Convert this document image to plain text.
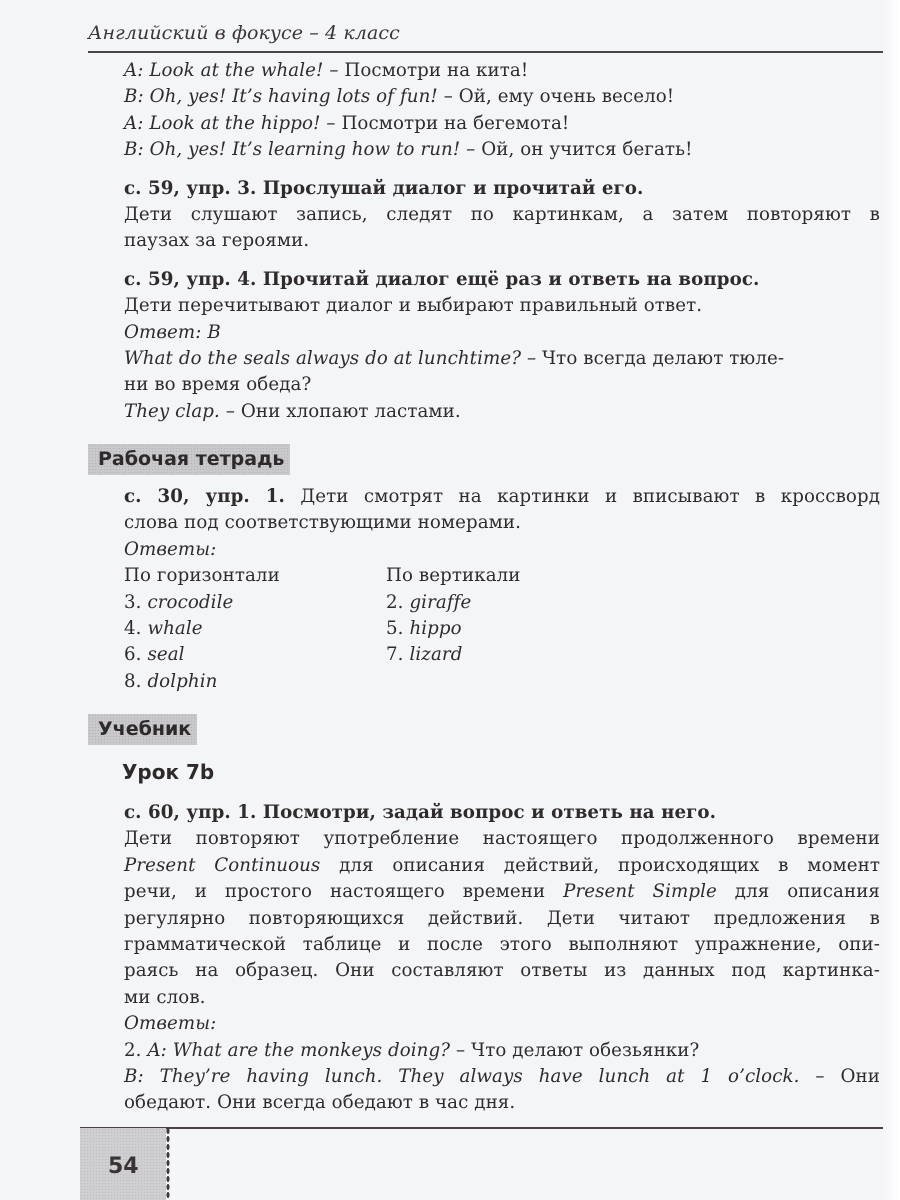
Английский в фокусе – 4 класс
A: Look at the whale! – Посмотри на кита!
B: Oh, yes! It’s having lots of fun! – Ой, ему очень весело!
A: Look at the hippo! – Посмотри на бегемота!
B: Oh, yes! It’s learning how to run! – Ой, он учится бегать!
с. 59, упр. 3. Прослушай диалог и прочитай его.
Дети слушают запись, следят по картинкам, а затем повторяют в
паузах за героями.
с. 59, упр. 4. Прочитай диалог ещё раз и ответь на вопрос.
Дети перечитывают диалог и выбирают правильный ответ.
Ответ: B
What do the seals always do at lunchtime? – Что всегда делают тюле-
ни во время обеда?
They clap. – Они хлопают ластами.
Рабочая тетрадь
с. 30, упр. 1. Дети смотрят на картинки и вписывают в кроссворд
слова под соответствующими номерами.
Ответы:
По горизонтали
3. crocodile
4. whale
6. seal
8. dolphin
По вертикали
2. giraffe
5. hippo
7. lizard
Учебник
Урок 7b
с. 60, упр. 1. Посмотри, задай вопрос и ответь на него.
Дети повторяют употребление настоящего продолженного времени
Present Continuous для описания действий, происходящих в момент
речи, и простого настоящего времени Present Simple для описания
регулярно повторяющихся действий. Дети читают предложения в
грамматической таблице и после этого выполняют упражнение, опи-
раясь на образец. Они составляют ответы из данных под картинка-
ми слов.
Ответы:
2. A: What are the monkeys doing? – Что делают обезьянки?
B: They’re having lunch. They always have lunch at 1 o’clock. – Они
обедают. Они всегда обедают в час дня.
54
